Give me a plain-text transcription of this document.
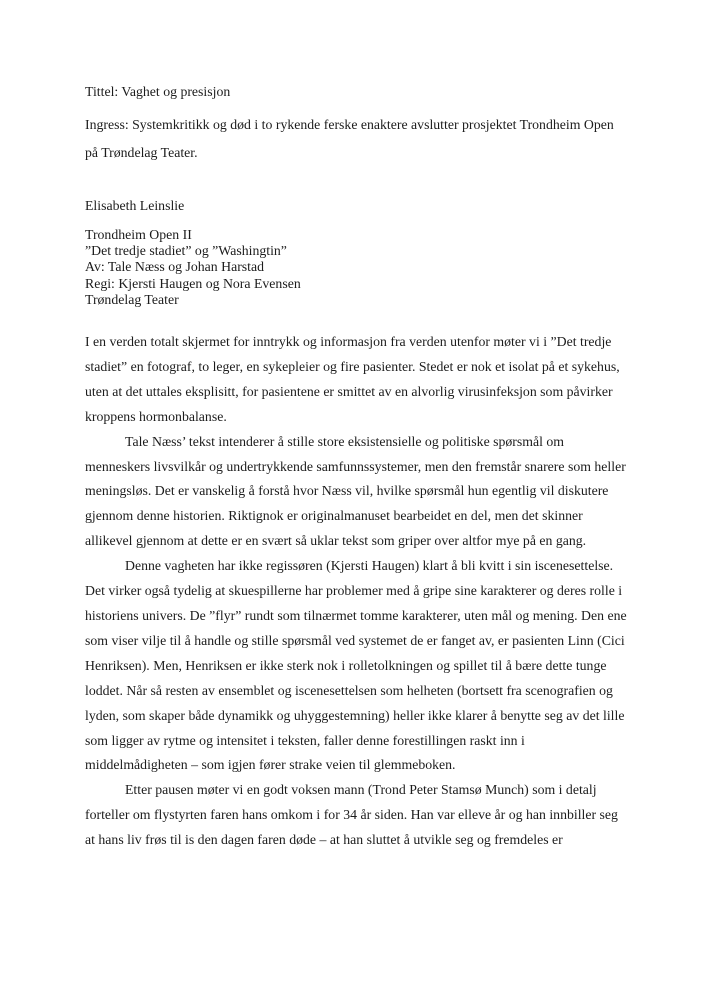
Tittel: Vaghet og presisjon

Ingress: Systemkritikk og død i to rykende ferske enaktere avslutter prosjektet Trondheim Open på Trøndelag Teater.

Elisabeth Leinslie

Trondheim Open II
”Det tredje stadiet” og ”Washingtin”
Av: Tale Næss og Johan Harstad
Regi: Kjersti Haugen og Nora Evensen
Trøndelag Teater

I en verden totalt skjermet for inntrykk og informasjon fra verden utenfor møter vi i ”Det tredje stadiet” en fotograf, to leger, en sykepleier og fire pasienter. Stedet er nok et isolat på et sykehus, uten at det uttales eksplisitt, for pasientene er smittet av en alvorlig virusinfeksjon som påvirker kroppens hormonbalanse.

Tale Næss’ tekst intenderer å stille store eksistensielle og politiske spørsmål om menneskers livsvilkår og undertrykkende samfunnssystemer, men den fremstår snarere som heller meningsløs. Det er vanskelig å forstå hvor Næss vil, hvilke spørsmål hun egentlig vil diskutere gjennom denne historien. Riktignok er originalmanuset bearbeidet en del, men det skinner allikevel gjennom at dette er en svært så uklar tekst som griper over altfor mye på en gang.

Denne vagheten har ikke regissøren (Kjersti Haugen) klart å bli kvitt i sin iscenesettelse. Det virker også tydelig at skuespillerne har problemer med å gripe sine karakterer og deres rolle i historiens univers. De ”flyr” rundt som tilnærmet tomme karakterer, uten mål og mening. Den ene som viser vilje til å handle og stille spørsmål ved systemet de er fanget av, er pasienten Linn (Cici Henriksen). Men, Henriksen er ikke sterk nok i rolletolkningen og spillet til å bære dette tunge loddet. Når så resten av ensemblet og iscenesettelsen som helheten (bortsett fra scenografien og lyden, som skaper både dynamikk og uhyggestemning) heller ikke klarer å benytte seg av det lille som ligger av rytme og intensitet i teksten, faller denne forestillingen raskt inn i middelmådigheten – som igjen fører strake veien til glemmeboken.

Etter pausen møter vi en godt voksen mann (Trond Peter Stamsø Munch) som i detalj forteller om flystyrten faren hans omkom i for 34 år siden. Han var elleve år og han innbiller seg at hans liv frøs til is den dagen faren døde – at han sluttet å utvikle seg og fremdeles er
